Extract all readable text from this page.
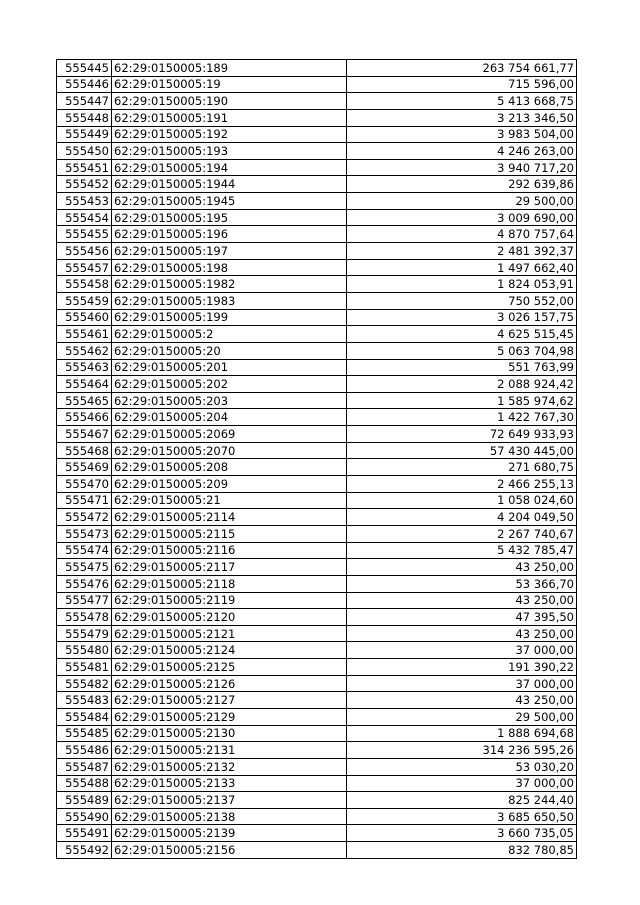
555445	62:29:0150005:189	263 754 661,77
555446	62:29:0150005:19	715 596,00
555447	62:29:0150005:190	5 413 668,75
555448	62:29:0150005:191	3 213 346,50
555449	62:29:0150005:192	3 983 504,00
555450	62:29:0150005:193	4 246 263,00
555451	62:29:0150005:194	3 940 717,20
555452	62:29:0150005:1944	292 639,86
555453	62:29:0150005:1945	29 500,00
555454	62:29:0150005:195	3 009 690,00
555455	62:29:0150005:196	4 870 757,64
555456	62:29:0150005:197	2 481 392,37
555457	62:29:0150005:198	1 497 662,40
555458	62:29:0150005:1982	1 824 053,91
555459	62:29:0150005:1983	750 552,00
555460	62:29:0150005:199	3 026 157,75
555461	62:29:0150005:2	4 625 515,45
555462	62:29:0150005:20	5 063 704,98
555463	62:29:0150005:201	551 763,99
555464	62:29:0150005:202	2 088 924,42
555465	62:29:0150005:203	1 585 974,62
555466	62:29:0150005:204	1 422 767,30
555467	62:29:0150005:2069	72 649 933,93
555468	62:29:0150005:2070	57 430 445,00
555469	62:29:0150005:208	271 680,75
555470	62:29:0150005:209	2 466 255,13
555471	62:29:0150005:21	1 058 024,60
555472	62:29:0150005:2114	4 204 049,50
555473	62:29:0150005:2115	2 267 740,67
555474	62:29:0150005:2116	5 432 785,47
555475	62:29:0150005:2117	43 250,00
555476	62:29:0150005:2118	53 366,70
555477	62:29:0150005:2119	43 250,00
555478	62:29:0150005:2120	47 395,50
555479	62:29:0150005:2121	43 250,00
555480	62:29:0150005:2124	37 000,00
555481	62:29:0150005:2125	191 390,22
555482	62:29:0150005:2126	37 000,00
555483	62:29:0150005:2127	43 250,00
555484	62:29:0150005:2129	29 500,00
555485	62:29:0150005:2130	1 888 694,68
555486	62:29:0150005:2131	314 236 595,26
555487	62:29:0150005:2132	53 030,20
555488	62:29:0150005:2133	37 000,00
555489	62:29:0150005:2137	825 244,40
555490	62:29:0150005:2138	3 685 650,50
555491	62:29:0150005:2139	3 660 735,05
555492	62:29:0150005:2156	832 780,85
